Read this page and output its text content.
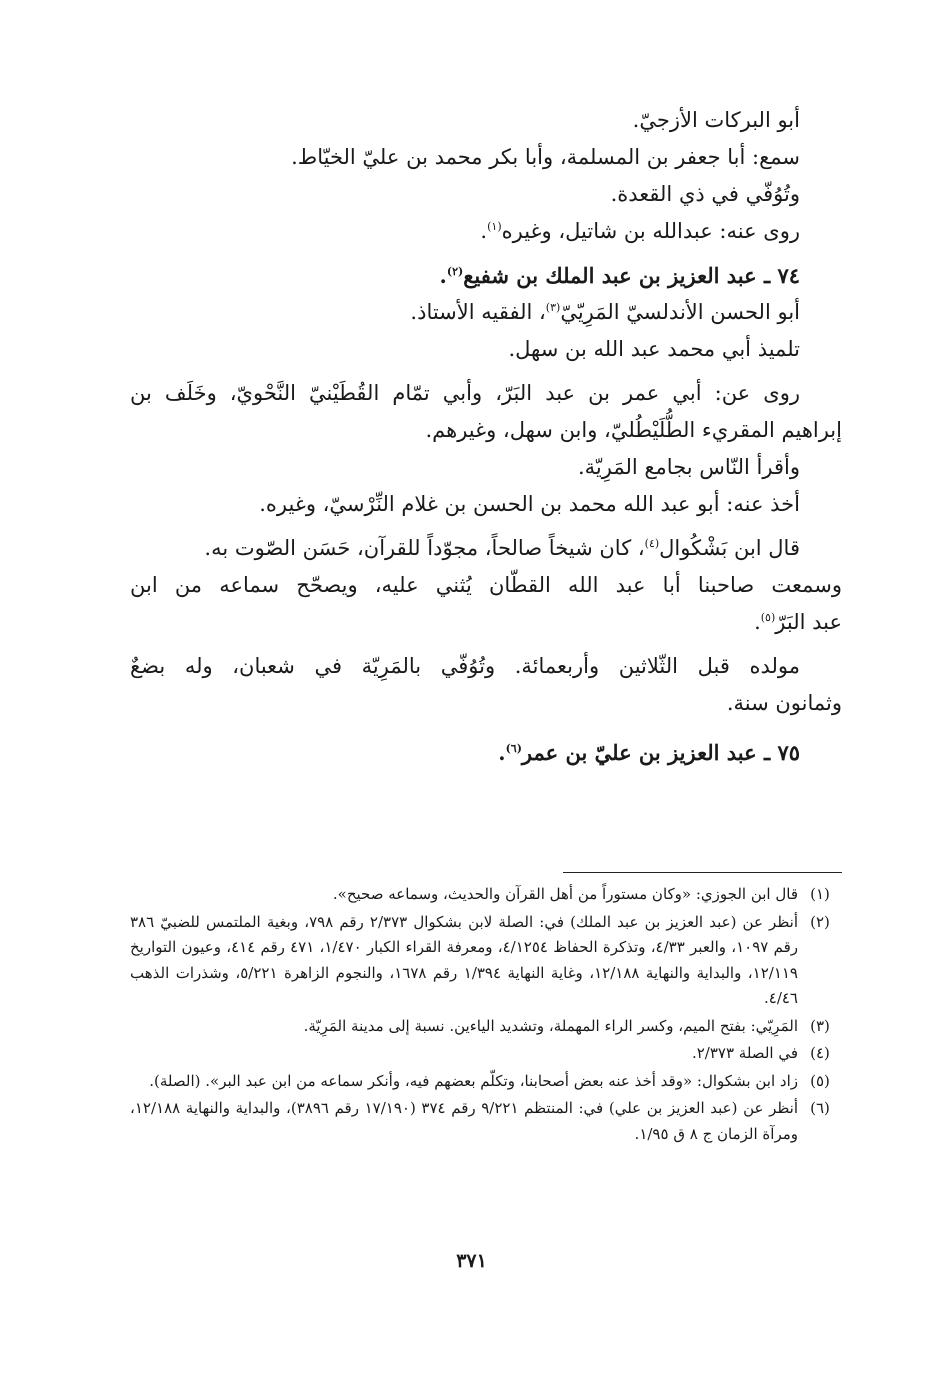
أبو البركات الأزجيّ.

سمع: أبا جعفر بن المسلمة، وأبا بكر محمد بن عليّ الخيّاط.

وتُوُفّي في ذي القعدة.

روى عنه: عبدالله بن شاتيل، وغيره$^{(١)}$.

٧٤ ـ عبد العزيز بن عبد الملك بن شفيع$^{(٢)}$.

أبو الحسن الأندلسيّ المَرِيّيّ$^{(٣)}$، الفقيه الأستاذ.

تلميذ أبي محمد عبد الله بن سهل.

روى عن: أبي عمر بن عبد البَرّ، وأبي تمّام القُطَيْنيّ النَّحْويّ، وخَلَف بن

إبراهيم المقريء الطُّلَيْطُليّ، وابن سهل، وغيرهم.

وأقرأ النّاس بجامع المَرِيّة.

أخذ عنه: أبو عبد الله محمد بن الحسن بن غلام النِّرْسيّ، وغيره.

قال ابن بَشْكُوال$^{(٤)}$، كان شيخاً صالحاً، مجوّداً للقرآن، حَسَن الصّوت به.

وسمعت صاحبنا أبا عبد الله القطّان يُثني عليه، ويصحّح سماعه من ابن

عبد البَرّ$^{(٥)}$.

مولده قبل الثّلاثين وأربعمائة. وتُوُفّي بالمَرِيّة في شعبان، وله بضعٌ

وثمانون سنة.

٧٥ ـ عبد العزيز بن عليّ بن عمر$^{(٦)}$.

(١)
قال ابن الجوزي: «وكان مستوراً من أهل القرآن والحديث، وسماعه صحيح».
(٢)
أنظر عن (عبد العزيز بن عبد الملك) في: الصلة لابن بشكوال ٢/٣٧٣ رقم ٧٩٨، وبغية الملتمس للضبيّ ٣٨٦ رقم ١٠٩٧، والعبر ٤/٣٣، وتذكرة الحفاظ ٤/١٢٥٤، ومعرفة القراء الكبار ١/٤٧٠، ٤٧١ رقم ٤١٤، وعيون التواريخ ١٢/١١٩، والبداية والنهاية ١٢/١٨٨، وغاية النهاية ١/٣٩٤ رقم ١٦٧٨، والنجوم الزاهرة ٥/٢٢١، وشذرات الذهب ٤/٤٦.
(٣)
المَرِيّي: بفتح الميم، وكسر الراء المهملة، وتشديد الياءين. نسبة إلى مدينة المَرِيّة.
(٤)
في الصلة ٢/٣٧٣.
(٥)
زاد ابن بشكوال: «وقد أخذ عنه بعض أصحابنا، وتكلّم بعضهم فيه، وأنكر سماعه من ابن عبد البر». (الصلة).
(٦)
أنظر عن (عبد العزيز بن علي) في: المنتظم ٩/٢٢١ رقم ٣٧٤ (١٧/١٩٠ رقم ٣٨٩٦)، والبداية والنهاية ١٢/١٨٨، ومرآة الزمان ج ٨ ق ١/٩٥.
٣٧١
